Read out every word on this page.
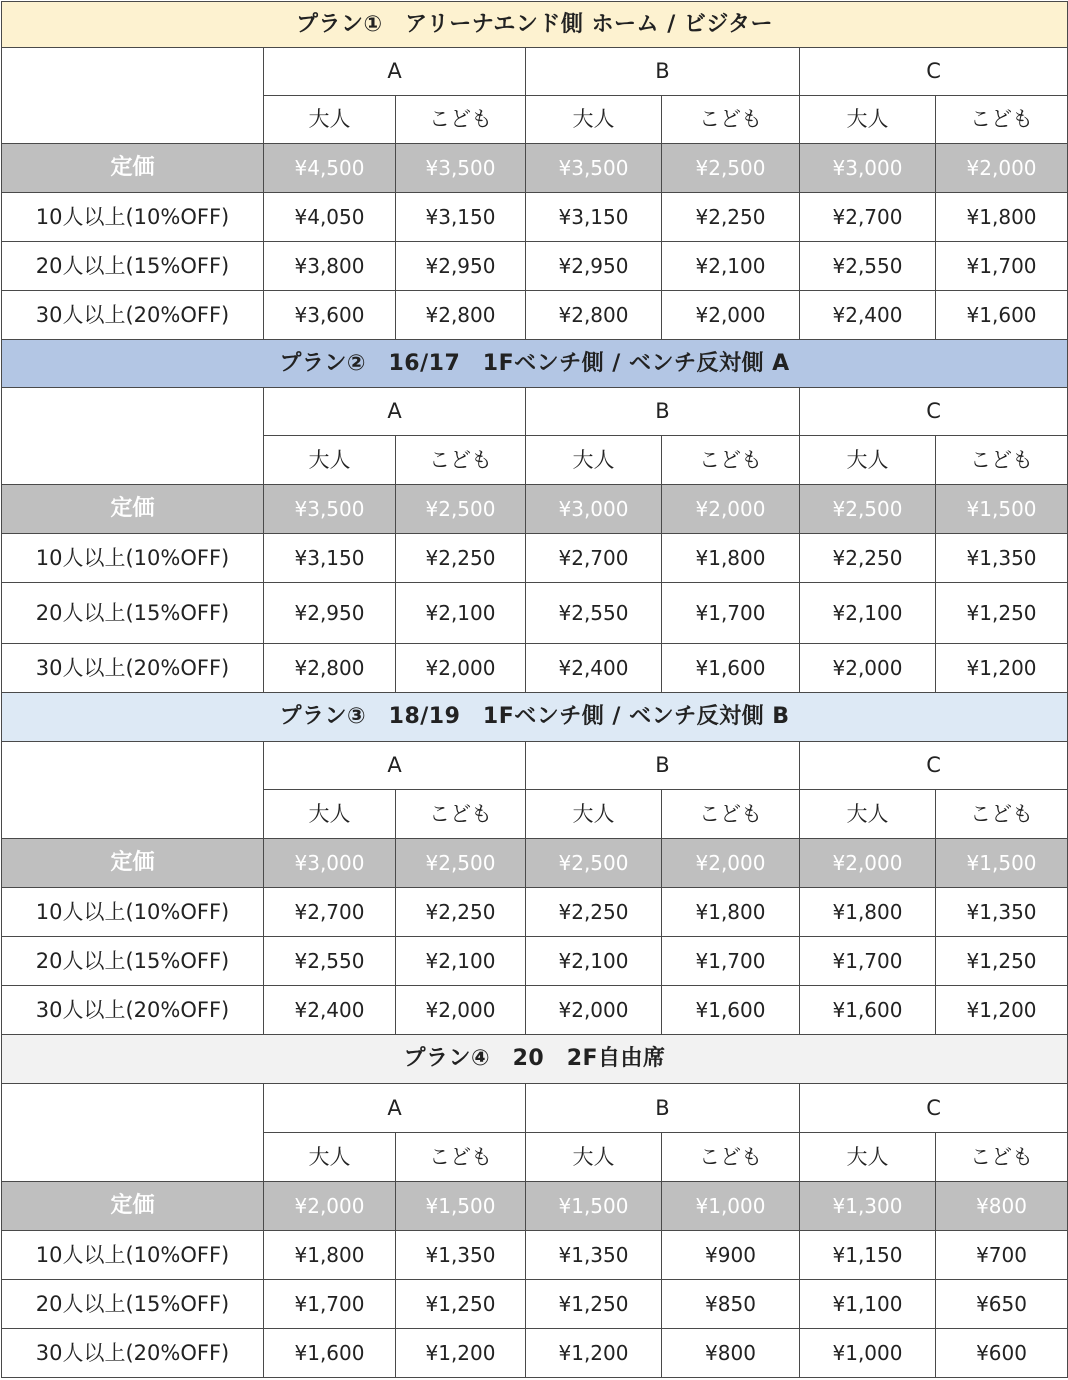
プラン①　アリーナエンド側 ホーム / ビジター						
	A		B		C	
	大人	こども	大人	こども	大人	こども
定価	¥4,500	¥3,500	¥3,500	¥2,500	¥3,000	¥2,000
10人以上(10%OFF)	¥4,050	¥3,150	¥3,150	¥2,250	¥2,700	¥1,800
20人以上(15%OFF)	¥3,800	¥2,950	¥2,950	¥2,100	¥2,550	¥1,700
30人以上(20%OFF)	¥3,600	¥2,800	¥2,800	¥2,000	¥2,400	¥1,600
プラン②　16/17　1Fベンチ側 / ベンチ反対側 A						
	A		B		C	
	大人	こども	大人	こども	大人	こども
定価	¥3,500	¥2,500	¥3,000	¥2,000	¥2,500	¥1,500
10人以上(10%OFF)	¥3,150	¥2,250	¥2,700	¥1,800	¥2,250	¥1,350
20人以上(15%OFF)	¥2,950	¥2,100	¥2,550	¥1,700	¥2,100	¥1,250
30人以上(20%OFF)	¥2,800	¥2,000	¥2,400	¥1,600	¥2,000	¥1,200
プラン③　18/19　1Fベンチ側 / ベンチ反対側 B						
	A		B		C	
	大人	こども	大人	こども	大人	こども
定価	¥3,000	¥2,500	¥2,500	¥2,000	¥2,000	¥1,500
10人以上(10%OFF)	¥2,700	¥2,250	¥2,250	¥1,800	¥1,800	¥1,350
20人以上(15%OFF)	¥2,550	¥2,100	¥2,100	¥1,700	¥1,700	¥1,250
30人以上(20%OFF)	¥2,400	¥2,000	¥2,000	¥1,600	¥1,600	¥1,200
プラン④　20　2F自由席						
	A		B		C	
	大人	こども	大人	こども	大人	こども
定価	¥2,000	¥1,500	¥1,500	¥1,000	¥1,300	¥800
10人以上(10%OFF)	¥1,800	¥1,350	¥1,350	¥900	¥1,150	¥700
20人以上(15%OFF)	¥1,700	¥1,250	¥1,250	¥850	¥1,100	¥650
30人以上(20%OFF)	¥1,600	¥1,200	¥1,200	¥800	¥1,000	¥600
